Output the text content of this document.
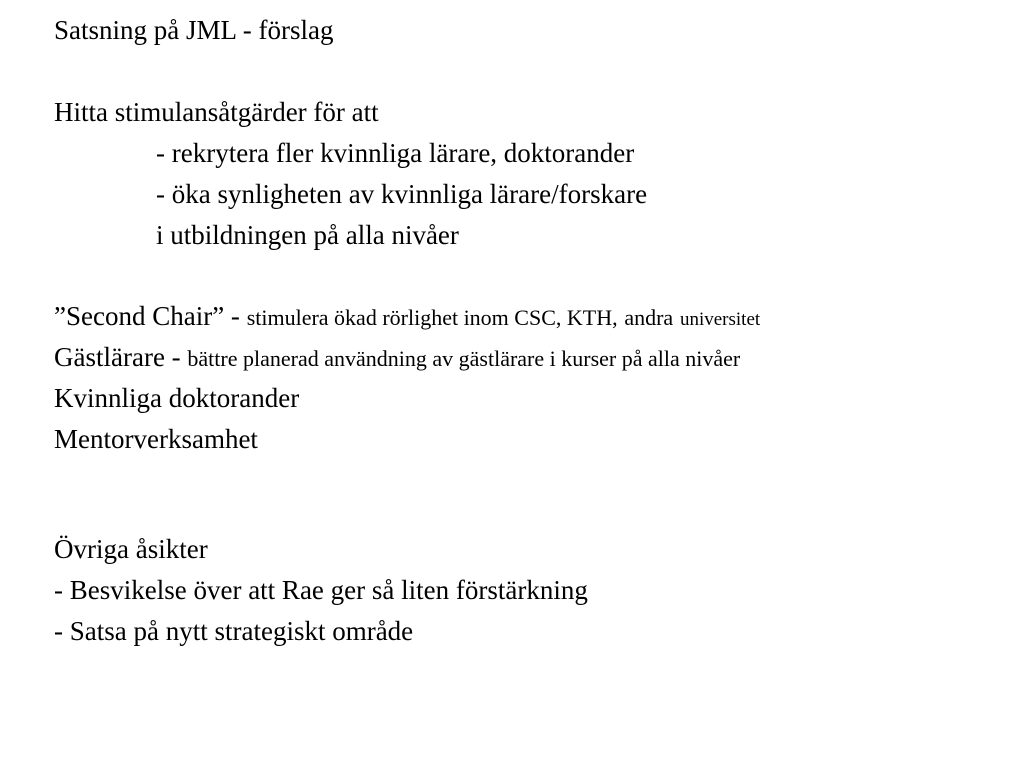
Satsning på JML - förslag
Hitta stimulansåtgärder för att
- rekrytera fler kvinnliga lärare, doktorander
- öka synligheten av kvinnliga lärare/forskare
i utbildningen på alla nivåer
”Second Chair” - stimulera ökad rörlighet inom CSC, KTH, andra universitet
Gästlärare - bättre planerad användning av gästlärare i kurser på alla nivåer
Kvinnliga doktorander
Mentorverksamhet
Övriga åsikter
- Besvikelse över att Rae ger så liten förstärkning
- Satsa på nytt strategiskt område
